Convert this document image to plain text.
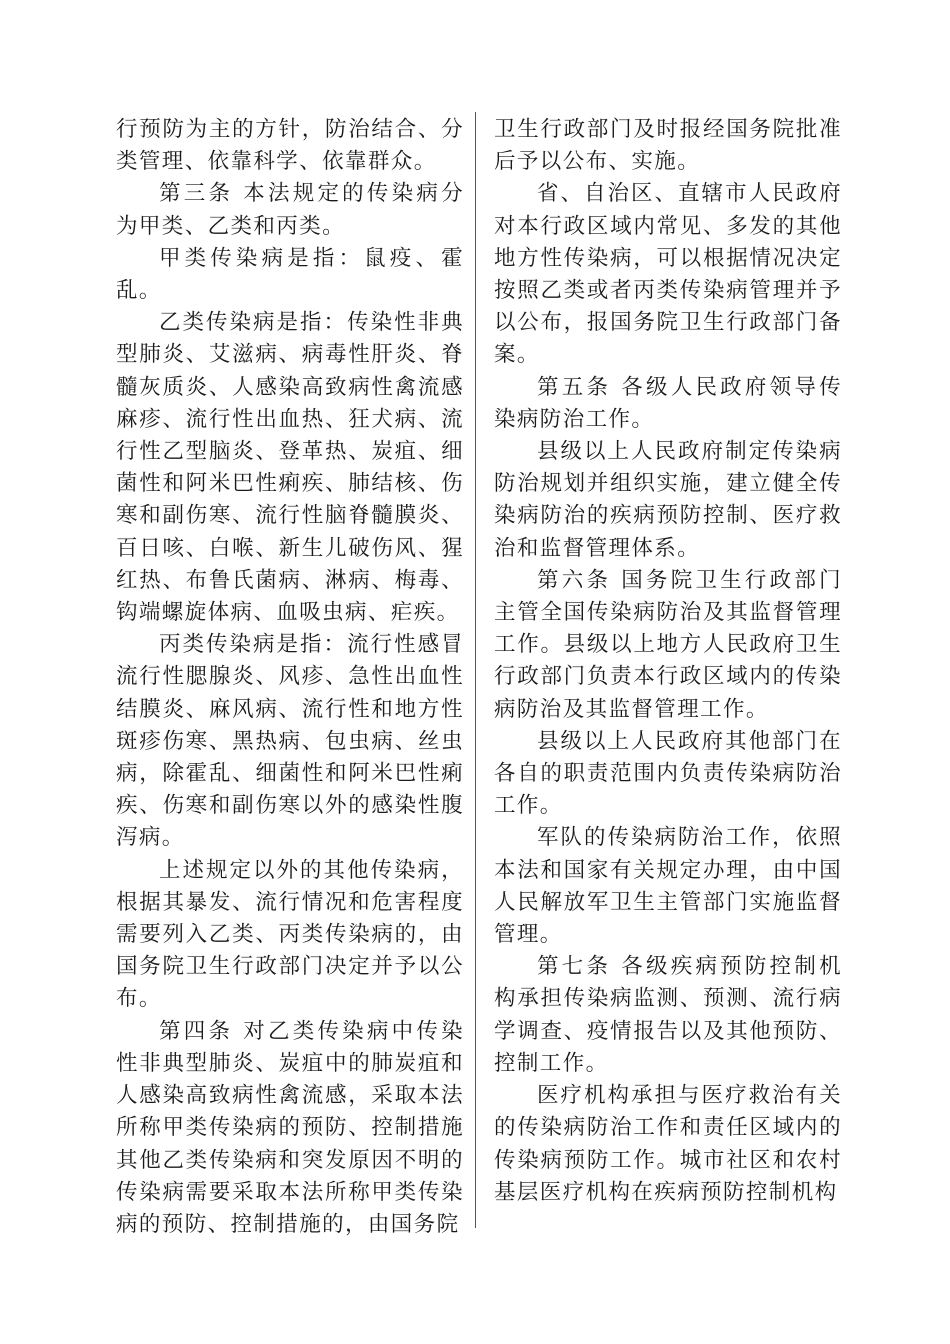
行预防为主的方针，防治结合、分类管理、依靠科学、依靠群众。

第三条 本法规定的传染病分为甲类、乙类和丙类。

甲类传染病是指：鼠疫、霍乱。

乙类传染病是指：传染性非典型肺炎、艾滋病、病毒性肝炎、脊髓灰质炎、人感染高致病性禽流感麻疹、流行性出血热、狂犬病、流行性乙型脑炎、登革热、炭疽、细菌性和阿米巴性痢疾、肺结核、伤寒和副伤寒、流行性脑脊髓膜炎、百日咳、白喉、新生儿破伤风、猩红热、布鲁氏菌病、淋病、梅毒、钩端螺旋体病、血吸虫病、疟疾。

丙类传染病是指：流行性感冒流行性腮腺炎、风疹、急性出血性结膜炎、麻风病、流行性和地方性斑疹伤寒、黑热病、包虫病、丝虫病，除霍乱、细菌性和阿米巴性痢疾、伤寒和副伤寒以外的感染性腹泻病。

上述规定以外的其他传染病，根据其暴发、流行情况和危害程度需要列入乙类、丙类传染病的，由国务院卫生行政部门决定并予以公布。

第四条 对乙类传染病中传染性非典型肺炎、炭疽中的肺炭疽和人感染高致病性禽流感，采取本法所称甲类传染病的预防、控制措施其他乙类传染病和突发原因不明的传染病需要采取本法所称甲类传染病的预防、控制措施的，由国务院

卫生行政部门及时报经国务院批准后予以公布、实施。

省、自治区、直辖市人民政府对本行政区域内常见、多发的其他地方性传染病，可以根据情况决定按照乙类或者丙类传染病管理并予以公布，报国务院卫生行政部门备案。

第五条 各级人民政府领导传染病防治工作。

县级以上人民政府制定传染病防治规划并组织实施，建立健全传染病防治的疾病预防控制、医疗救治和监督管理体系。

第六条 国务院卫生行政部门主管全国传染病防治及其监督管理工作。县级以上地方人民政府卫生行政部门负责本行政区域内的传染病防治及其监督管理工作。

县级以上人民政府其他部门在各自的职责范围内负责传染病防治工作。

军队的传染病防治工作，依照本法和国家有关规定办理，由中国人民解放军卫生主管部门实施监督管理。

第七条 各级疾病预防控制机构承担传染病监测、预测、流行病学调查、疫情报告以及其他预防、控制工作。

医疗机构承担与医疗救治有关的传染病防治工作和责任区域内的传染病预防工作。城市社区和农村基层医疗机构在疾病预防控制机构
